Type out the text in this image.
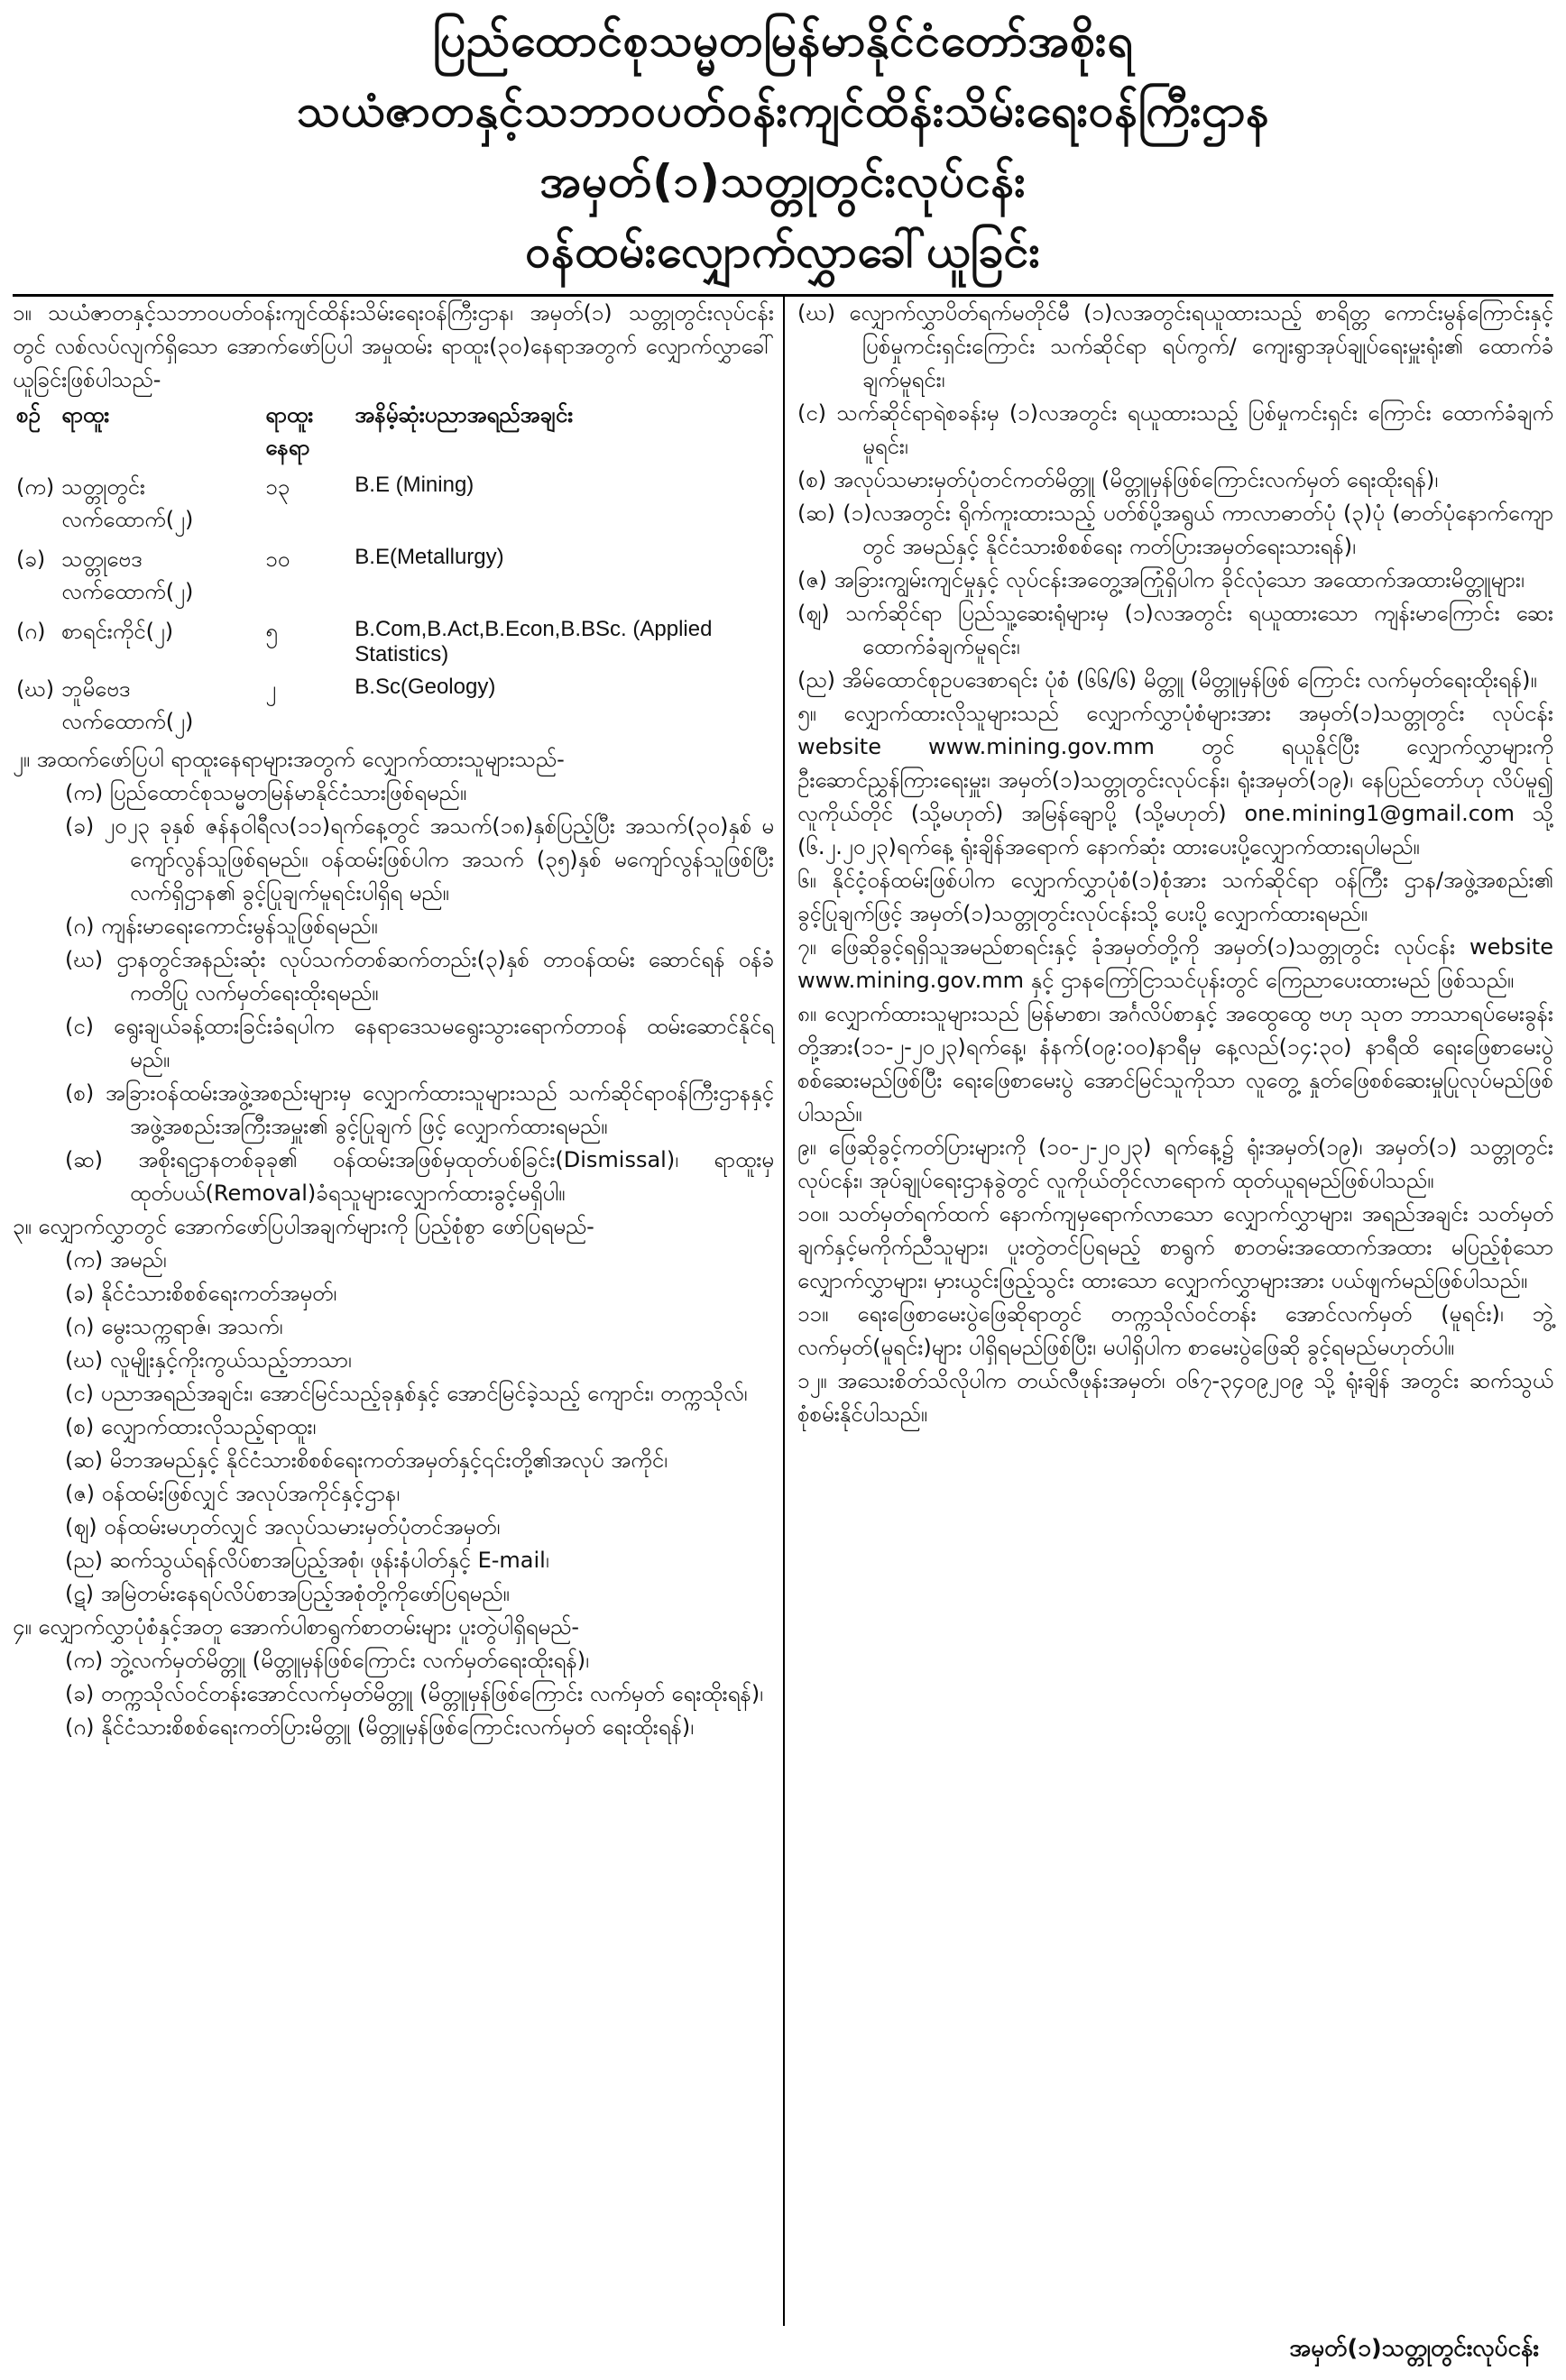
ပြည်ထောင်စုသမ္မတမြန်မာနိုင်ငံတော်အစိုးရ
သယံဇာတနှင့်သဘာဝပတ်ဝန်းကျင်ထိန်းသိမ်းရေးဝန်ကြီးဌာန
အမှတ်(၁)သတ္တုတွင်းလုပ်ငန်း
ဝန်ထမ်းလျှောက်လွှာခေါ်ယူခြင်း

၁။ သယံဇာတနှင့်သဘာဝပတ်ဝန်းကျင်ထိန်းသိမ်းရေးဝန်ကြီးဌာန၊ အမှတ်(၁) သတ္တုတွင်းလုပ်ငန်းတွင် လစ်လပ်လျက်ရှိသော အောက်ဖော်ပြပါ အမှုထမ်း ရာထူး(၃၀)နေရာအတွက် လျှောက်လွှာခေါ်ယူခြင်းဖြစ်ပါသည်-

စဉ်	ရာထူး	ရာထူးနေရာ	အနိမ့်ဆုံးပညာအရည်အချင်း
(က)	သတ္တုတွင်းလက်ထောက်(၂)	၁၃	B.E (Mining)
(ခ)	သတ္တုဗေဒလက်ထောက်(၂)	၁၀	B.E(Metallurgy)
(ဂ)	စာရင်းကိုင်(၂)	၅	B.Com,B.Act,B.Econ,B.BSc. (Applied Statistics)
(ဃ)	ဘူမိဗေဒလက်ထောက်(၂)	၂	B.Sc(Geology)

၂။ အထက်ဖော်ပြပါ ရာထူးနေရာများအတွက် လျှောက်ထားသူများသည်-

(က) ပြည်ထောင်စုသမ္မတမြန်မာနိုင်ငံသားဖြစ်ရမည်။

(ခ) ၂၀၂၃ ခုနှစ် ဇန်နဝါရီလ(၁၁)ရက်နေ့တွင် အသက်(၁၈)နှစ်ပြည့်ပြီး အသက်(၃၀)နှစ် မကျော်လွန်သူဖြစ်ရမည်။ ဝန်ထမ်းဖြစ်ပါက အသက် (၃၅)နှစ် မကျော်လွန်သူဖြစ်ပြီး လက်ရှိဌာန၏ ခွင့်ပြုချက်မူရင်းပါရှိရ မည်။

(ဂ) ကျန်းမာရေးကောင်းမွန်သူဖြစ်ရမည်။

(ဃ) ဌာနတွင်အနည်းဆုံး လုပ်သက်တစ်ဆက်တည်း(၃)နှစ် တာဝန်ထမ်း ဆောင်ရန် ဝန်ခံကတိပြု လက်မှတ်ရေးထိုးရမည်။

(င) ရွေးချယ်ခန့်ထားခြင်းခံရပါက နေရာဒေသမရွေးသွားရောက်တာဝန် ထမ်းဆောင်နိုင်ရမည်။

(စ) အခြားဝန်ထမ်းအဖွဲ့အစည်းများမှ လျှောက်ထားသူများသည် သက်ဆိုင်ရာဝန်ကြီးဌာနနှင့် အဖွဲ့အစည်းအကြီးအမှူး၏ ခွင့်ပြုချက် ဖြင့် လျှောက်ထားရမည်။

(ဆ) အစိုးရဌာနတစ်ခုခု၏ ဝန်ထမ်းအဖြစ်မှထုတ်ပစ်ခြင်း(Dismissal)၊ ရာထူးမှ ထုတ်ပယ်(Removal)ခံရသူများလျှောက်ထားခွင့်မရှိပါ။

၃။ လျှောက်လွှာတွင် အောက်ဖော်ပြပါအချက်များကို ပြည့်စုံစွာ ဖော်ပြရမည်-

(က) အမည်၊

(ခ) နိုင်ငံသားစိစစ်ရေးကတ်အမှတ်၊

(ဂ) မွေးသက္ကရာဇ်၊ အသက်၊

(ဃ) လူမျိုးနှင့်ကိုးကွယ်သည့်ဘာသာ၊

(င) ပညာအရည်အချင်း၊ အောင်မြင်သည့်ခုနှစ်နှင့် အောင်မြင်ခဲ့သည့် ကျောင်း၊ တက္ကသိုလ်၊

(စ) လျှောက်ထားလိုသည့်ရာထူး၊

(ဆ) မိဘအမည်နှင့် နိုင်ငံသားစိစစ်ရေးကတ်အမှတ်နှင့်၎င်းတို့၏အလုပ် အကိုင်၊

(ဇ) ဝန်ထမ်းဖြစ်လျှင် အလုပ်အကိုင်နှင့်ဌာန၊

(ဈ) ဝန်ထမ်းမဟုတ်လျှင် အလုပ်သမားမှတ်ပုံတင်အမှတ်၊

(ည) ဆက်သွယ်ရန်လိပ်စာအပြည့်အစုံ၊ ဖုန်းနံပါတ်နှင့် E-mail၊

(ဋ) အမြဲတမ်းနေရပ်လိပ်စာအပြည့်အစုံတို့ကိုဖော်ပြရမည်။

၄။ လျှောက်လွှာပုံစံနှင့်အတူ အောက်ပါစာရွက်စာတမ်းများ ပူးတွဲပါရှိရမည်-

(က) ဘွဲ့လက်မှတ်မိတ္တူ (မိတ္တူမှန်ဖြစ်ကြောင်း လက်မှတ်ရေးထိုးရန်)၊

(ခ) တက္ကသိုလ်ဝင်တန်းအောင်လက်မှတ်မိတ္တူ (မိတ္တူမှန်ဖြစ်ကြောင်း လက်မှတ် ရေးထိုးရန်)၊

(ဂ) နိုင်ငံသားစိစစ်ရေးကတ်ပြားမိတ္တူ (မိတ္တူမှန်ဖြစ်ကြောင်းလက်မှတ် ရေးထိုးရန်)၊

(ဃ) လျှောက်လွှာပိတ်ရက်မတိုင်မီ (၁)လအတွင်းရယူထားသည့် စာရိတ္တ ကောင်းမွန်ကြောင်းနှင့် ပြစ်မှုကင်းရှင်းကြောင်း သက်ဆိုင်ရာ ရပ်ကွက်/ ကျေးရွာအုပ်ချုပ်ရေးမှူးရုံး၏ ထောက်ခံချက်မူရင်း၊

(င) သက်ဆိုင်ရာရဲစခန်းမှ (၁)လအတွင်း ရယူထားသည့် ပြစ်မှုကင်းရှင်း ကြောင်း ထောက်ခံချက်မူရင်း၊

(စ) အလုပ်သမားမှတ်ပုံတင်ကတ်မိတ္တူ (မိတ္တူမှန်ဖြစ်ကြောင်းလက်မှတ် ရေးထိုးရန်)၊

(ဆ) (၁)လအတွင်း ရိုက်ကူးထားသည့် ပတ်စ်ပို့အရွယ် ကာလာဓာတ်ပုံ (၃)ပုံ (ဓာတ်ပုံနောက်ကျောတွင် အမည်နှင့် နိုင်ငံသားစိစစ်ရေး ကတ်ပြားအမှတ်ရေးသားရန်)၊

(ဇ) အခြားကျွမ်းကျင်မှုနှင့် လုပ်ငန်းအတွေ့အကြုံရှိပါက ခိုင်လုံသော အထောက်အထားမိတ္တူများ၊

(ဈ) သက်ဆိုင်ရာ ပြည်သူ့ဆေးရုံများမှ (၁)လအတွင်း ရယူထားသော ကျန်းမာကြောင်း ဆေးထောက်ခံချက်မူရင်း၊

(ည) အိမ်ထောင်စုဥပဒေစာရင်း ပုံစံ (၆၆/၆) မိတ္တူ (မိတ္တူမှန်ဖြစ် ကြောင်း လက်မှတ်ရေးထိုးရန်)။

၅။ လျှောက်ထားလိုသူများသည် လျှောက်လွှာပုံစံများအား အမှတ်(၁)သတ္တုတွင်း လုပ်ငန်း website www.mining.gov.mm တွင် ရယူနိုင်ပြီး လျှောက်လွှာများကို ဦးဆောင်ညွှန်ကြားရေးမှူး၊ အမှတ်(၁)သတ္တုတွင်းလုပ်ငန်း၊ ရုံးအမှတ်(၁၉)၊ နေပြည်တော်ဟု လိပ်မူ၍ လူကိုယ်တိုင် (သို့မဟုတ်) အမြန်ချောပို့ (သို့မဟုတ်) one.mining1@gmail.com သို့ (၆.၂.၂၀၂၃)ရက်နေ့ ရုံးချိန်အရောက် နောက်ဆုံး ထားပေးပို့လျှောက်ထားရပါမည်။

၆။ နိုင်ငံ့ဝန်ထမ်းဖြစ်ပါက လျှောက်လွှာပုံစံ(၁)စုံအား သက်ဆိုင်ရာ ဝန်ကြီး ဌာန/အဖွဲ့အစည်း၏ ခွင့်ပြုချက်ဖြင့် အမှတ်(၁)သတ္တုတွင်းလုပ်ငန်းသို့ ပေးပို့ လျှောက်ထားရမည်။

၇။ ဖြေဆိုခွင့်ရရှိသူအမည်စာရင်းနှင့် ခုံအမှတ်တို့ကို အမှတ်(၁)သတ္တုတွင်း လုပ်ငန်း website www.mining.gov.mm နှင့် ဌာနကြော်ငြာသင်ပုန်းတွင် ကြေညာပေးထားမည် ဖြစ်သည်။

၈။ လျှောက်ထားသူများသည် မြန်မာစာ၊ အင်္ဂလိပ်စာနှင့် အထွေထွေ ဗဟု သုတ ဘာသာရပ်မေးခွန်းတို့အား(၁၁-၂-၂၀၂၃)ရက်နေ့၊ နံနက်(၀၉:၀၀)နာရီမှ နေ့လည်(၁၄:၃၀) နာရီထိ ရေးဖြေစာမေးပွဲ စစ်ဆေးမည်ဖြစ်ပြီး ရေးဖြေစာမေးပွဲ အောင်မြင်သူကိုသာ လူတွေ့ နှုတ်ဖြေစစ်ဆေးမှုပြုလုပ်မည်ဖြစ်ပါသည်။

၉။ ဖြေဆိုခွင့်ကတ်ပြားများကို (၁၀-၂-၂၀၂၃) ရက်နေ့၌ ရုံးအမှတ်(၁၉)၊ အမှတ်(၁) သတ္တုတွင်းလုပ်ငန်း၊ အုပ်ချုပ်ရေးဌာနခွဲတွင် လူကိုယ်တိုင်လာရောက် ထုတ်ယူရမည်ဖြစ်ပါသည်။

၁၀။ သတ်မှတ်ရက်ထက် နောက်ကျမှရောက်လာသော လျှောက်လွှာများ၊ အရည်အချင်း သတ်မှတ်ချက်နှင့်မကိုက်ညီသူများ၊ ပူးတွဲတင်ပြရမည့် စာရွက် စာတမ်းအထောက်အထား မပြည့်စုံသော လျှောက်လွှာများ၊ မှားယွင်းဖြည့်သွင်း ထားသော လျှောက်လွှာများအား ပယ်ဖျက်မည်ဖြစ်ပါသည်။

၁၁။ ရေးဖြေစာမေးပွဲဖြေဆိုရာတွင် တက္ကသိုလ်ဝင်တန်း အောင်လက်မှတ် (မူရင်း)၊ ဘွဲ့လက်မှတ်(မူရင်း)များ ပါရှိရမည်ဖြစ်ပြီး၊ မပါရှိပါက စာမေးပွဲဖြေဆို ခွင့်ရမည်မဟုတ်ပါ။

၁၂။ အသေးစိတ်သိလိုပါက တယ်လီဖုန်းအမှတ်၊ ၀၆၇-၃၄၀၉၂၀၉ သို့ ရုံးချိန် အတွင်း ဆက်သွယ်စုံစမ်းနိုင်ပါသည်။

အမှတ်(၁)သတ္တုတွင်းလုပ်ငန်း
